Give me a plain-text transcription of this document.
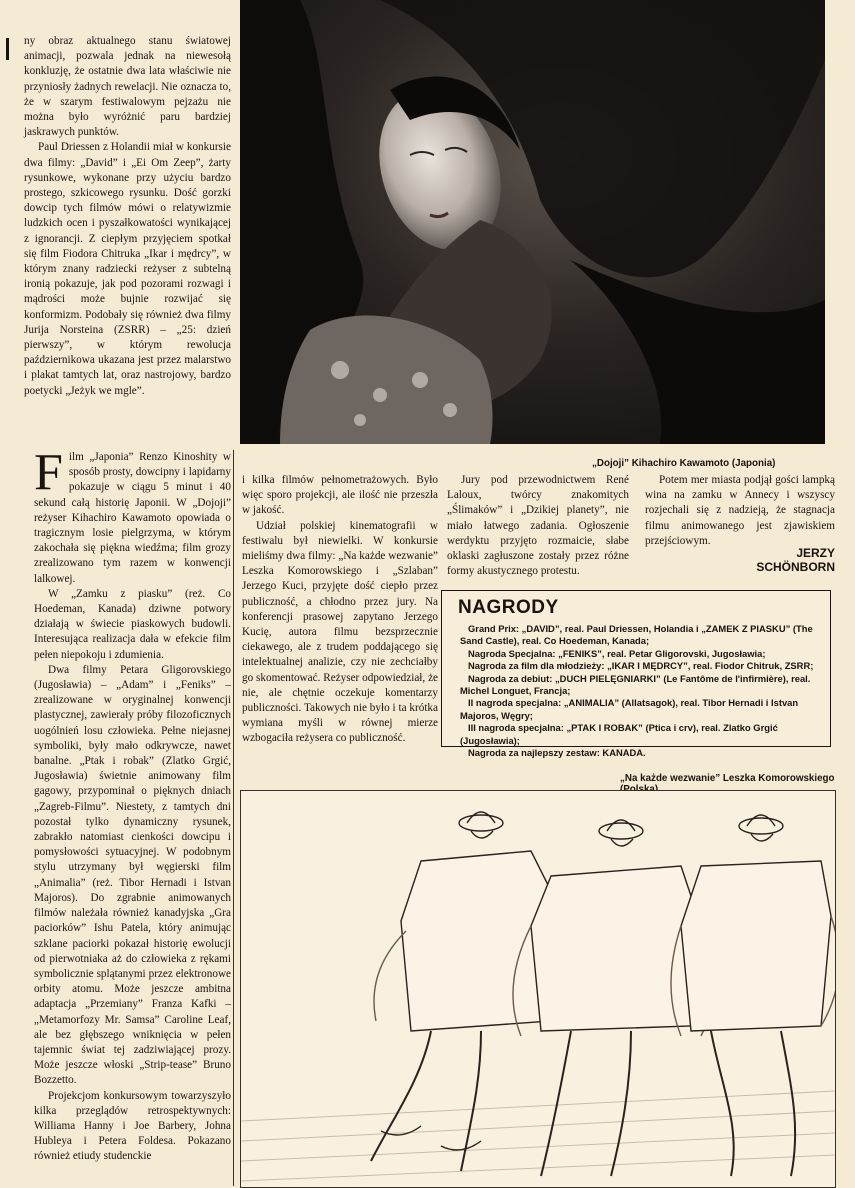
ny obraz aktualnego stanu światowej animacji, pozwala jednak na niewesołą konkluzję, że ostatnie dwa lata właściwie nie przyniosły żadnych rewelacji. Nie oznacza to, że w szarym festiwalowym pejzażu nie można było wyróżnić paru bardziej jaskrawych punktów.

Paul Driessen z Holandii miał w konkursie dwa filmy: „David” i „Ei Om Zeep”, żarty rysunkowe, wykonane przy użyciu bardzo prostego, szkicowego rysunku. Dość gorzki dowcip tych filmów mówi o relatywizmie ludzkich ocen i pyszałkowatości wynikającej z ignorancji. Z ciepłym przyjęciem spotkał się film Fiodora Chitruka „Ikar i mędrcy”, w którym znany radziecki reżyser z subtelną ironią pokazuje, jak pod pozorami rozwagi i mądrości może bujnie rozwijać się konformizm. Podobały się również dwa filmy Jurija Norsteina (ZSRR) – „25: dzień pierwszy”, w którym rewolucja październikowa ukazana jest przez malarstwo i plakat tamtych lat, oraz nastrojowy, bardzo poetycki „Jeżyk we mgle”.

Film „Japonia” Renzo Kinoshity w sposób prosty, dowcipny i lapidarny pokazuje w ciągu 5 minut i 40 sekund całą historię Japonii. W „Dojoji” reżyser Kihachiro Kawamoto opowiada o tragicznym losie pielgrzyma, w którym zakochała się piękna wiedźma; film grozy zrealizowano tym razem w konwencji lalkowej.

W „Zamku z piasku” (reż. Co Hoedeman, Kanada) dziwne potwory działają w świecie piaskowych budowli. Interesująca realizacja dała w efekcie film pełen niepokoju i zdumienia.

Dwa filmy Petara Gligorovskiego (Jugosławia) – „Adam” i „Feniks” – zrealizowane w oryginalnej konwencji plastycznej, zawierały próby filozoficznych uogólnień losu człowieka. Pełne niejasnej symboliki, były mało odkrywcze, nawet banalne. „Ptak i robak” (Zlatko Grgić, Jugosławia) świetnie animowany film gagowy, przypominał o pięknych dniach „Zagreb-Filmu”. Niestety, z tamtych dni pozostał tylko dynamiczny rysunek, zabrakło natomiast cienkości dowcipu i pomysłowości sytuacyjnej. W podobnym stylu utrzymany był węgierski film „Animalia” (reż. Tibor Hernadi i Istvan Majoros). Do zgrabnie animowanych filmów należała również kanadyjska „Gra paciorków” Ishu Patela, który animując szklane paciorki pokazał historię ewolucji od pierwotniaka aż do człowieka z rękami symbolicznie splątanymi przez elektronowe orbity atomu. Może jeszcze ambitna adaptacja „Przemiany” Franza Kafki – „Metamorfozy Mr. Samsa” Caroline Leaf, ale bez głębszego wniknięcia w pełen tajemnic świat tej zadziwiającej prozy. Może jeszcze włoski „Strip-tease” Bruno Bozzetto.

Projekcjom konkursowym towarzyszyło kilka przeglądów retrospektywnych: Williama Hanny i Joe Barbery, Johna Hubleya i Petera Foldesa. Pokazano również etiudy studenckie

„Dojoji” Kihachiro Kawamoto (Japonia)

i kilka filmów pełnometrażowych. Było więc sporo projekcji, ale ilość nie przeszła w jakość.

Udział polskiej kinematografii w festiwalu był niewielki. W konkursie mieliśmy dwa filmy: „Na każde wezwanie” Leszka Komorowskiego i „Szlaban” Jerzego Kuci, przyjęte dość ciepło przez publiczność, a chłodno przez jury. Na konferencji prasowej zapytano Jerzego Kucię, autora filmu bezsprzecznie ciekawego, ale z trudem poddającego się intelektualnej analizie, czy nie zechciałby go skomentować. Reżyser odpowiedział, że nie, ale chętnie oczekuje komentarzy publiczności. Takowych nie było i ta krótka wymiana myśli w równej mierze wzbogaciła reżysera co publiczność.

Jury pod przewodnictwem René Laloux, twórcy znakomitych „Ślimaków” i „Dzikiej planety”, nie miało łatwego zadania. Ogłoszenie werdyktu przyjęto rozmaicie, słabe oklaski zagłuszone zostały przez różne formy akustycznego protestu.

Potem mer miasta podjął gości lampką wina na zamku w Annecy i wszyscy rozjechali się z nadzieją, że stagnacja filmu animowanego jest zjawiskiem przejściowym.

JERZY
SCHÖNBORN
NAGRODY

Grand Prix: „DAVID”, real. Paul Driessen, Holandia i „ZAMEK Z PIASKU” (The Sand Castle), real. Co Hoedeman, Kanada;

Nagroda Specjalna: „FENIKS”, real. Petar Gligorovski, Jugosławia;

Nagroda za film dla młodzieży: „IKAR I MĘDRCY”, real. Fiodor Chitruk, ZSRR;

Nagroda za debiut: „DUCH PIELĘGNIARKI” (Le Fantôme de l'infirmière), real. Michel Longuet, Francja;

II nagroda specjalna: „ANIMALIA” (Allatsagok), real. Tibor Hernadi i Istvan Majoros, Węgry;

III nagroda specjalna: „PTAK I ROBAK” (Ptica i crv), real. Zlatko Grgić (Jugosławia);

Nagroda za najlepszy zestaw: KANADA.

„Na każde wezwanie” Leszka Komorowskiego
